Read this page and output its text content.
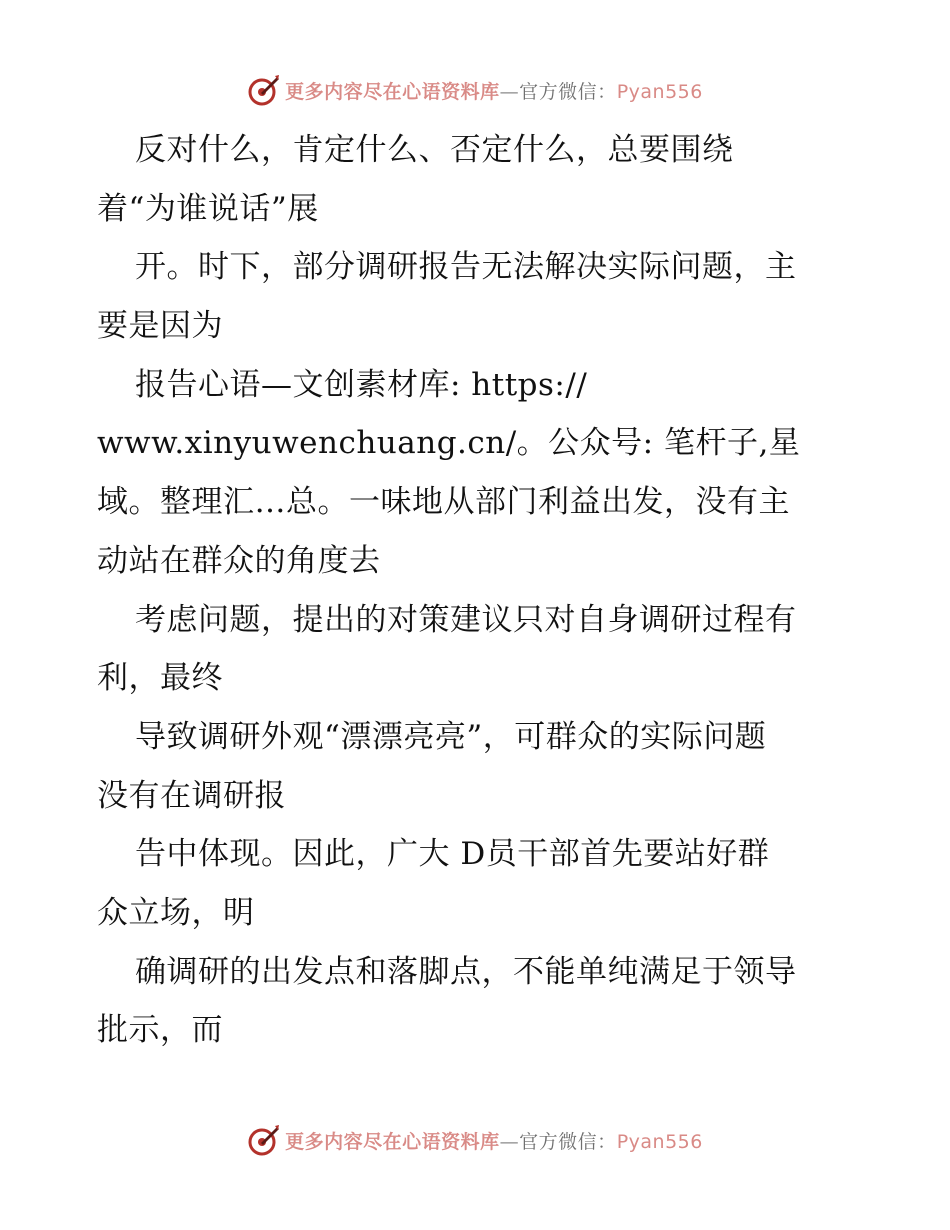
更多内容尽在心语资料库—官方微信：Pyan556
反对什么，肯定什么、否定什么，总要围绕
着“为谁说话”展
开。时下，部分调研报告无法解决实际问题，主
要是因为
报告心语—文创素材库: https://
www.xinyuwenchuang.cn/。公众号: 笔杆子,星
域。整理汇…总。一味地从部门利益出发，没有主
动站在群众的角度去
考虑问题，提出的对策建议只对自身调研过程有
利，最终
导致调研外观“漂漂亮亮”，可群众的实际问题
没有在调研报
告中体现。因此，广大 D员干部首先要站好群
众立场，明
确调研的出发点和落脚点，不能单纯满足于领导
批示，而
更多内容尽在心语资料库—官方微信：Pyan556
